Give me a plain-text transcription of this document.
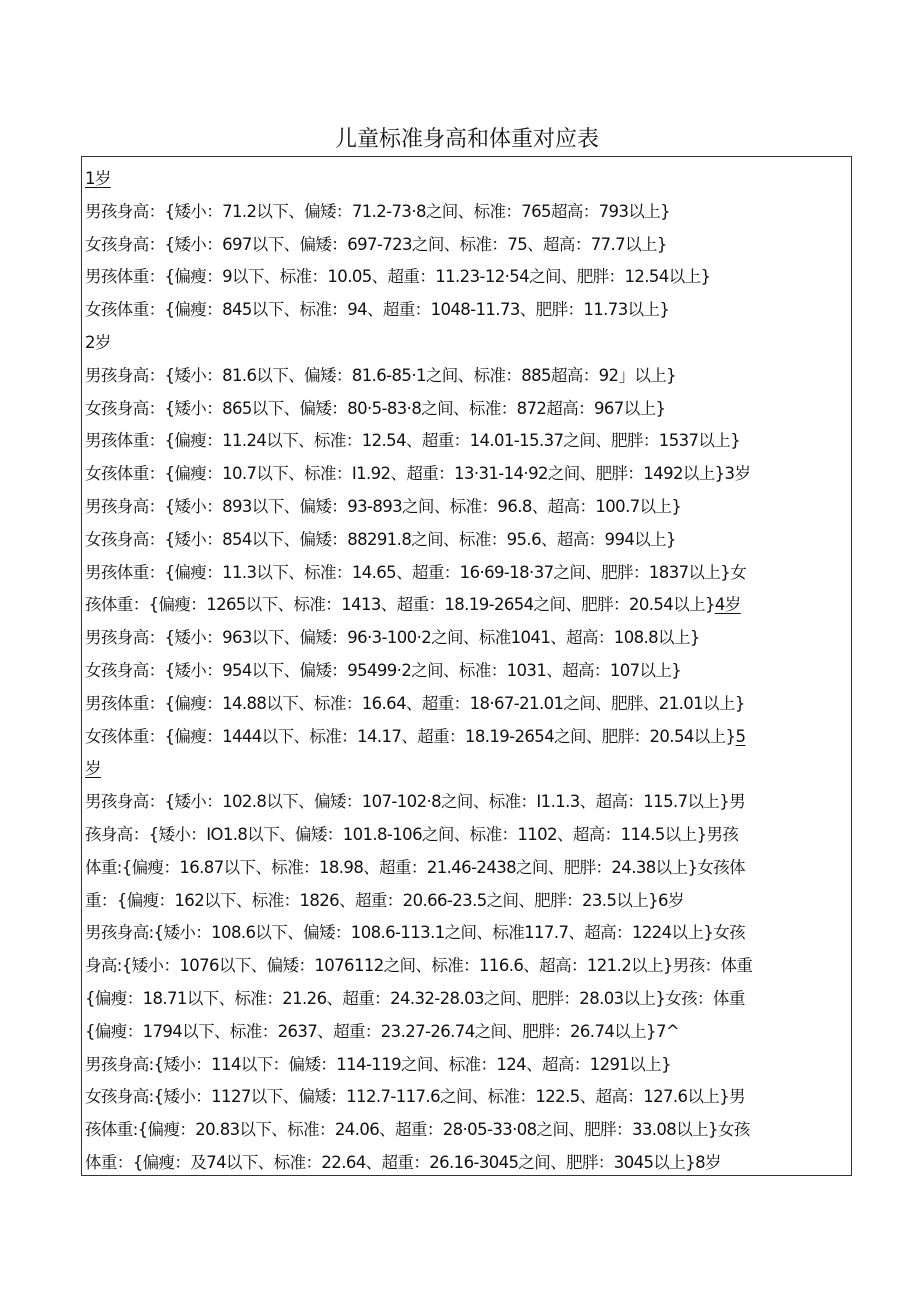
儿童标准身高和体重对应表
1岁
男孩身高：{矮小：71.2以下、偏矮：71.2-73·8之间、标准：765超高：793以上}
女孩身高：{矮小：697以下、偏矮：697-723之间、标准：75、超高：77.7以上}
男孩体重：{偏瘦：9以下、标准：10.05、超重：11.23-12·54之间、肥胖：12.54以上}
女孩体重：{偏瘦：845以下、标准：94、超重：1048-11.73、肥胖：11.73以上}
2岁
男孩身高：{矮小：81.6以下、偏矮：81.6-85·1之间、标准：885超高：92」以上}
女孩身高：{矮小：865以下、偏矮：80·5-83·8之间、标准：872超高：967以上}
男孩体重：{偏瘦：11.24以下、标准：12.54、超重：14.01-15.37之间、肥胖：1537以上}
女孩体重：{偏瘦：10.7以下、标准：I1.92、超重：13·31-14·92之间、肥胖：1492以上}3岁
男孩身高：{矮小：893以下、偏矮：93-893之间、标准：96.8、超高：100.7以上}
女孩身高：{矮小：854以下、偏矮：88291.8之间、标准：95.6、超高：994以上}
男孩体重：{偏瘦：11.3以下、标准：14.65、超重：16·69-18·37之间、肥胖：1837以上}女
孩体重：{偏瘦：1265以下、标准：1413、超重：18.19-2654之间、肥胖：20.54以上}4岁
男孩身高：{矮小：963以下、偏矮：96·3-100·2之间、标准1041、超高：108.8以上}
女孩身高：{矮小：954以下、偏矮：95499·2之间、标准：1031、超高：107以上}
男孩体重：{偏瘦：14.88以下、标准：16.64、超重：18·67-21.01之间、肥胖、21.01以上}
女孩体重：{偏瘦：1444以下、标准：14.17、超重：18.19-2654之间、肥胖：20.54以上}5
岁
男孩身高：{矮小：102.8以下、偏矮：107-102·8之间、标准：I1.1.3、超高：115.7以上}男
孩身高：{矮小：IO1.8以下、偏矮：101.8-106之间、标准：1102、超高：114.5以上}男孩
体重:{偏瘦：16.87以下、标准：18.98、超重：21.46-2438之间、肥胖：24.38以上}女孩体
重：{偏瘦：162以下、标准：1826、超重：20.66-23.5之间、肥胖：23.5以上}6岁
男孩身高:{矮小：108.6以下、偏矮：108.6-113.1之间、标准117.7、超高：1224以上}女孩
身高:{矮小：1076以下、偏矮：1076112之间、标准：116.6、超高：121.2以上}男孩：体重
{偏瘦：18.71以下、标准：21.26、超重：24.32-28.03之间、肥胖：28.03以上}女孩：体重
{偏瘦：1794以下、标准：2637、超重：23.27-26.74之间、肥胖：26.74以上}7^
男孩身高:{矮小：114以下：偏矮：114-119之间、标准：124、超高：1291以上}
女孩身高:{矮小：1127以下、偏矮：112.7-117.6之间、标准：122.5、超高：127.6以上}男
孩体重:{偏瘦：20.83以下、标准：24.06、超重：28·05-33·08之间、肥胖：33.08以上}女孩
体重：{偏瘦：及74以下、标准：22.64、超重：26.16-3045之间、肥胖：3045以上}8岁
